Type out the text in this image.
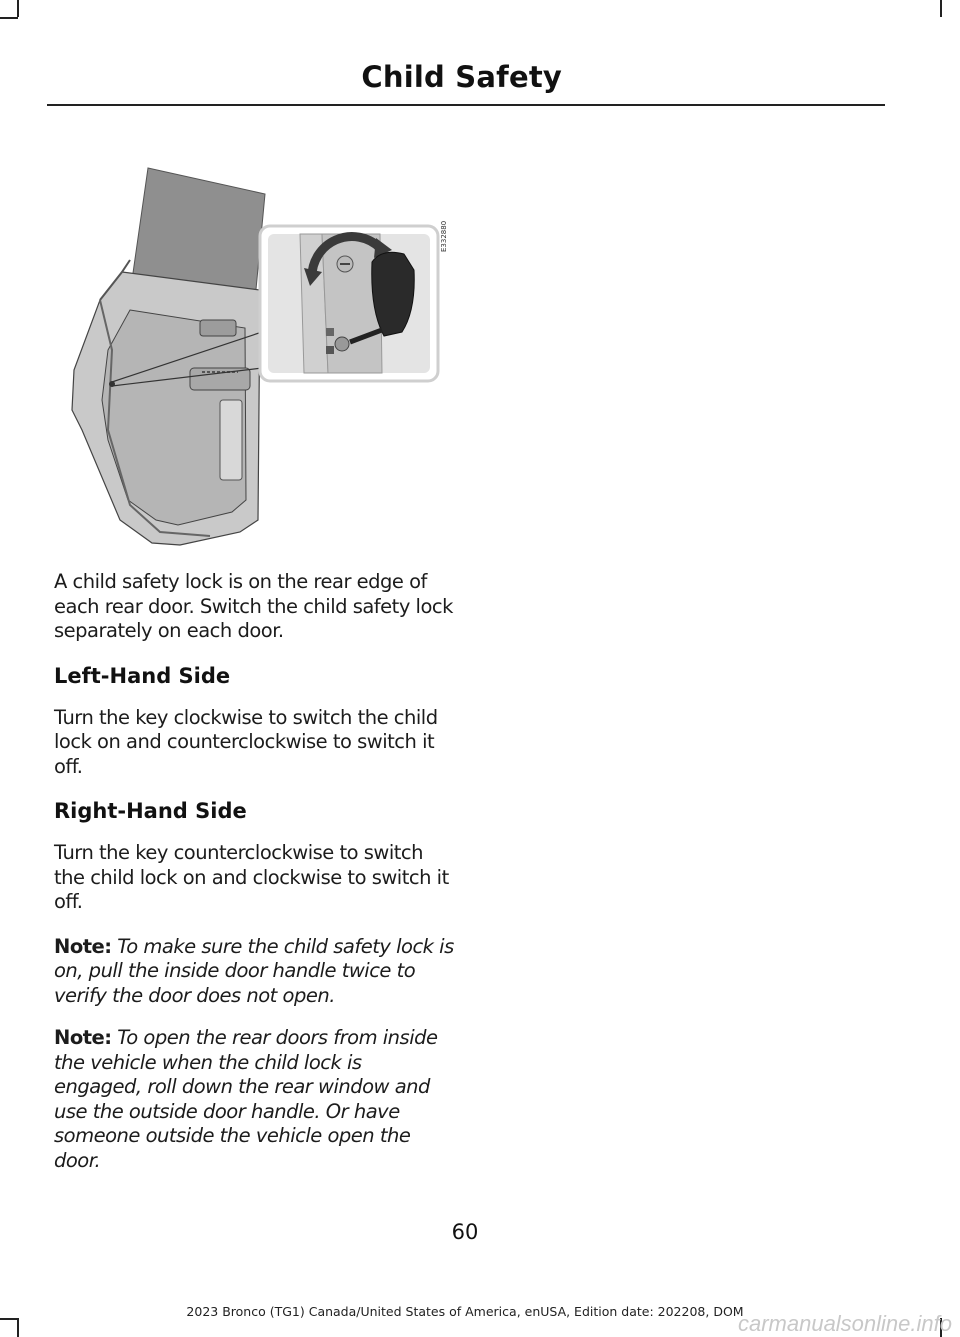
Child Safety
E332880

A child safety lock is on the rear edge of each rear door. Switch the child safety lock separately on each door.

Left-Hand Side

Turn the key clockwise to switch the child lock on and counterclockwise to switch it off.

Right-Hand Side

Turn the key counterclockwise to switch the child lock on and clockwise to switch it off.

Note: To make sure the child safety lock is on, pull the inside door handle twice to verify the door does not open.

Note: To open the rear doors from inside the vehicle when the child lock is engaged, roll down the rear window and use the outside door handle. Or have someone outside the vehicle open the door.

60
2023 Bronco (TG1) Canada/United States of America, enUSA, Edition date: 202208, DOM
carmanualsonline.info
